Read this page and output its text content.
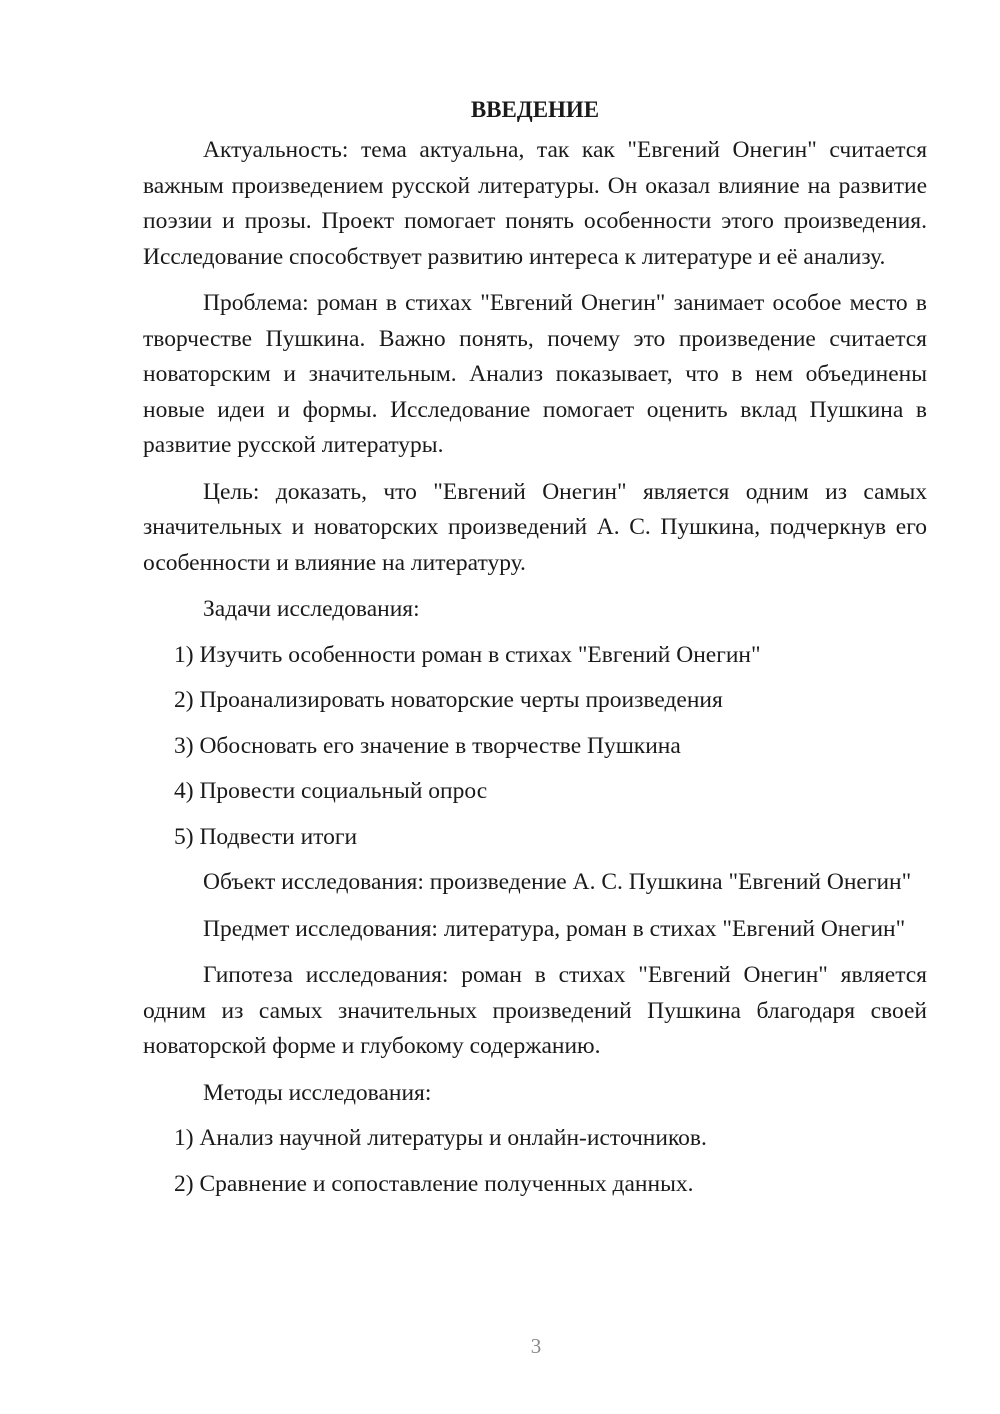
ВВЕДЕНИЕ

Актуальность: тема актуальна, так как "Евгений Онегин" считается важным произведением русской литературы. Он оказал влияние на развитие поэзии и прозы. Проект помогает понять особенности этого произведения. Исследование способствует развитию интереса к литературе и её анализу.

Проблема: роман в стихах "Евгений Онегин" занимает особое место в творчестве Пушкина. Важно понять, почему это произведение считается новаторским и значительным. Анализ показывает, что в нем объединены новые идеи и формы. Исследование помогает оценить вклад Пушкина в развитие русской литературы.

Цель: доказать, что "Евгений Онегин" является одним из самых значительных и новаторских произведений А. С. Пушкина, подчеркнув его особенности и влияние на литературу.

Задачи исследования:

1) Изучить особенности роман в стихах "Евгений Онегин"

2) Проанализировать новаторские черты произведения

3) Обосновать его значение в творчестве Пушкина

4) Провести социальный опрос

5) Подвести итоги

Объект исследования: произведение А. С. Пушкина "Евгений Онегин"

Предмет исследования: литература, роман в стихах "Евгений Онегин"

Гипотеза исследования: роман в стихах "Евгений Онегин" является одним из самых значительных произведений Пушкина благодаря своей новаторской форме и глубокому содержанию.

Методы исследования:

1) Анализ научной литературы и онлайн-источников.

2) Сравнение и сопоставление полученных данных.

3
